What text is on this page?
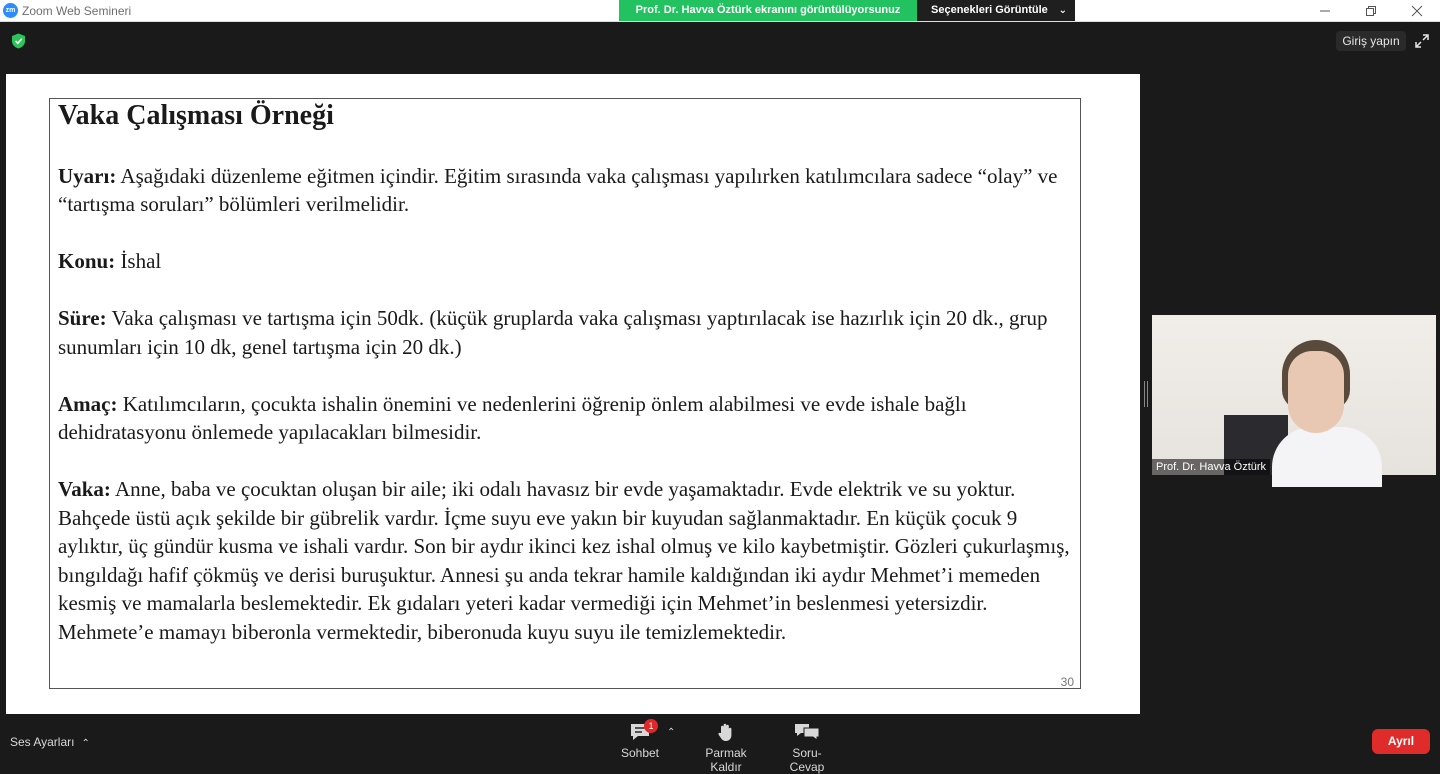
zm Zoom Web Semineri	Prof. Dr. Havva Öztürk ekranını görüntülüyorsunuz	Seçenekleri Görüntüle ⌄
Giriş yapın
Vaka Çalışması Örneği

Uyarı: Aşağıdaki düzenleme eğitmen içindir. Eğitim sırasında vaka çalışması yapılırken katılımcılara sadece “olay” ve “tartışma soruları” bölümleri verilmelidir.

Konu: İshal

Süre: Vaka çalışması ve tartışma için 50dk. (küçük gruplarda vaka çalışması yaptırılacak ise hazırlık için 20 dk., grup sunumları için 10 dk, genel tartışma için 20 dk.)

Amaç: Katılımcıların, çocukta ishalin önemini ve nedenlerini öğrenip önlem alabilmesi ve evde ishale bağlı dehidratasyonu önlemede yapılacakları bilmesidir.

Vaka: Anne, baba ve çocuktan oluşan bir aile; iki odalı havasız bir evde yaşamaktadır. Evde elektrik ve su yoktur. Bahçede üstü açık şekilde bir gübrelik vardır. İçme suyu eve yakın bir kuyudan sağlanmaktadır. En küçük çocuk 9 aylıktır, üç gündür kusma ve ishali vardır. Son bir aydır ikinci kez ishal olmuş ve kilo kaybetmiştir. Gözleri çukurlaşmış, bıngıldağı hafif çökmüş ve derisi buruşuktur. Annesi şu anda tekrar hamile kaldığından iki aydır Mehmet’i memeden kesmiş ve mamalarla beslemektedir. Ek gıdaları yeteri kadar vermediği için Mehmet’in beslenmesi yetersizdir. Mehmete’e mamayı biberonla vermektedir, biberonuda kuyu suyu ile temizlemektedir.

30
Prof. Dr. Havva Öztürk
Ses Ayarları ⌃
1
Sohbet
⌃
Parmak Kaldır
Soru-Cevap
Ayrıl
